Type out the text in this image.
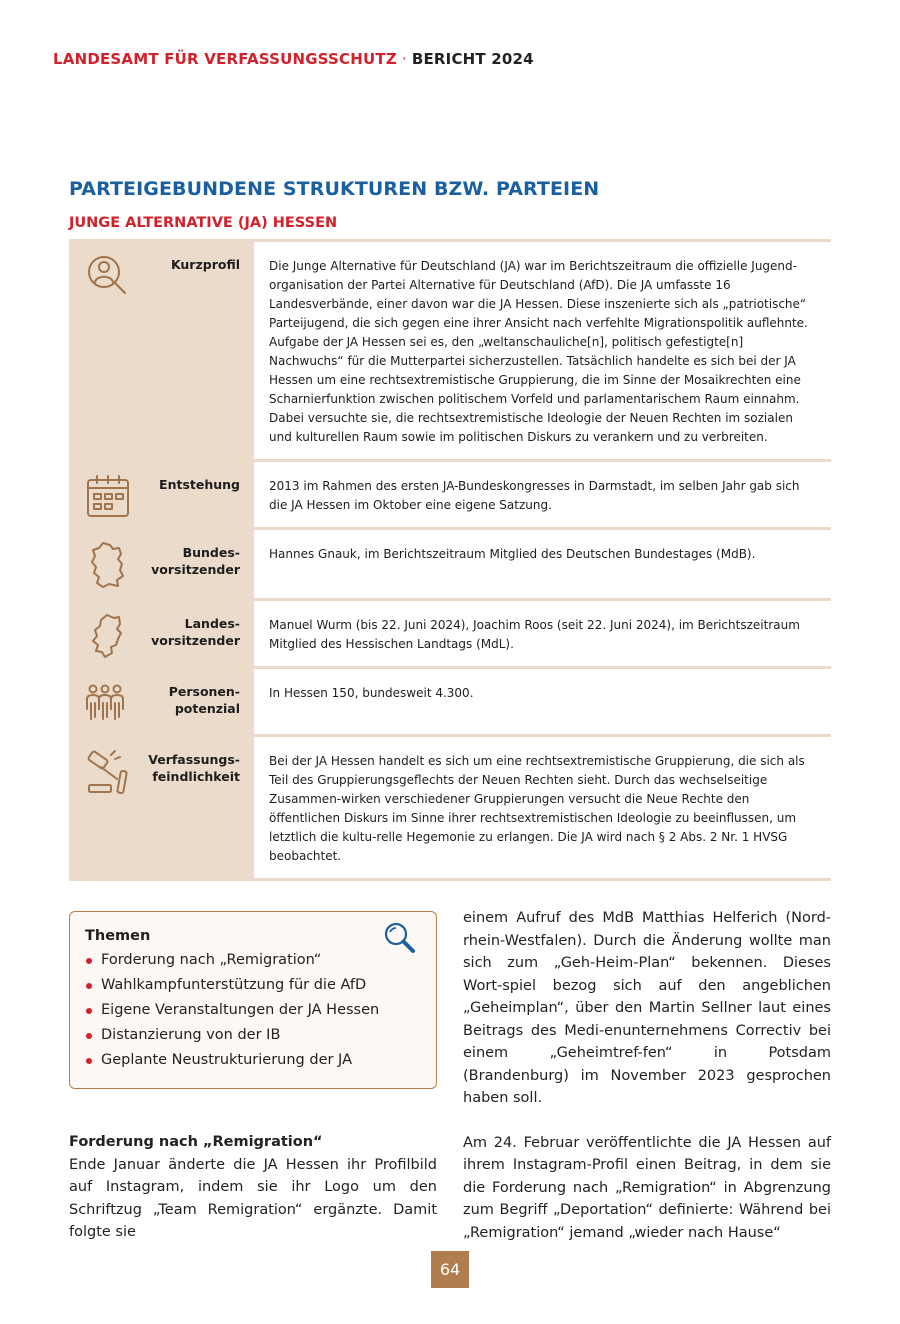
LANDESAMT FÜR VERFASSUNGSSCHUTZ · BERICHT 2024
PARTEIGEBUNDENE STRUKTUREN BZW. PARTEIEN
JUNGE ALTERNATIVE (JA) HESSEN
Kurzprofil	Die Junge Alternative für Deutschland (JA) war im Berichtszeitraum die offizielle Jugend-organisation der Partei Alternative für Deutschland (AfD). Die JA umfasste 16 Landesverbände, einer davon war die JA Hessen. Diese inszenierte sich als „patriotische“ Parteijugend, die sich gegen eine ihrer Ansicht nach verfehlte Migrationspolitik auflehnte. Aufgabe der JA Hessen sei es, den „weltanschauliche[n], politisch gefestigte[n] Nachwuchs“ für die Mutterpartei sicherzustellen. Tatsächlich handelte es sich bei der JA Hessen um eine rechtsextremistische Gruppierung, die im Sinne der Mosaikrechten eine Scharnierfunktion zwischen politischem Vorfeld und parlamentarischem Raum einnahm. Dabei versuchte sie, die rechtsextremistische Ideologie der Neuen Rechten im sozialen und kulturellen Raum sowie im politischen Diskurs zu verankern und zu verbreiten.
Entstehung	2013 im Rahmen des ersten JA-Bundeskongresses in Darmstadt, im selben Jahr gab sich die JA Hessen im Oktober eine eigene Satzung.
Bundes-
vorsitzender
Hannes Gnauk, im Berichtszeitraum Mitglied des Deutschen Bundestages (MdB).
Landes-
vorsitzender
Manuel Wurm (bis 22. Juni 2024), Joachim Roos (seit 22. Juni 2024), im Berichtszeitraum Mitglied des Hessischen Landtags (MdL).
Personen-
potenzial
In Hessen 150, bundesweit 4.300.
Verfassungs-
feindlichkeit
Bei der JA Hessen handelt es sich um eine rechtsextremistische Gruppierung, die sich als Teil des Gruppierungsgeflechts der Neuen Rechten sieht. Durch das wechselseitige Zusammen-wirken verschiedener Gruppierungen versucht die Neue Rechte den öffentlichen Diskurs im Sinne ihrer rechtsextremistischen Ideologie zu beeinflussen, um letztlich die kultu-relle Hegemonie zu erlangen. Die JA wird nach § 2 Abs. 2 Nr. 1 HVSG beobachtet.
Themen
Forderung nach „Remigration“
Wahlkampfunterstützung für die AfD
Eigene Veranstaltungen der JA Hessen
Distanzierung von der IB
Geplante Neustrukturierung der JA
Forderung nach „Remigration“
Ende Januar änderte die JA Hessen ihr Profilbild auf Instagram, indem sie ihr Logo um den Schriftzug „Team Remigration“ ergänzte. Damit folgte sie

einem Aufruf des MdB Matthias Helferich (Nord-rhein-Westfalen). Durch die Änderung wollte man sich zum „Geh-Heim-Plan“ bekennen. Dieses Wort-spiel bezog sich auf den angeblichen „Geheimplan“, über den Martin Sellner laut eines Beitrags des Medi-enunternehmens Correctiv bei einem „Geheimtref-fen“ in Potsdam (Brandenburg) im November 2023 gesprochen haben soll.

Am 24. Februar veröffentlichte die JA Hessen auf ihrem Instagram-Profil einen Beitrag, in dem sie die Forderung nach „Remigration“ in Abgrenzung zum Begriff „Deportation“ definierte: Während bei „Remigration“ jemand „wieder nach Hause“

64
